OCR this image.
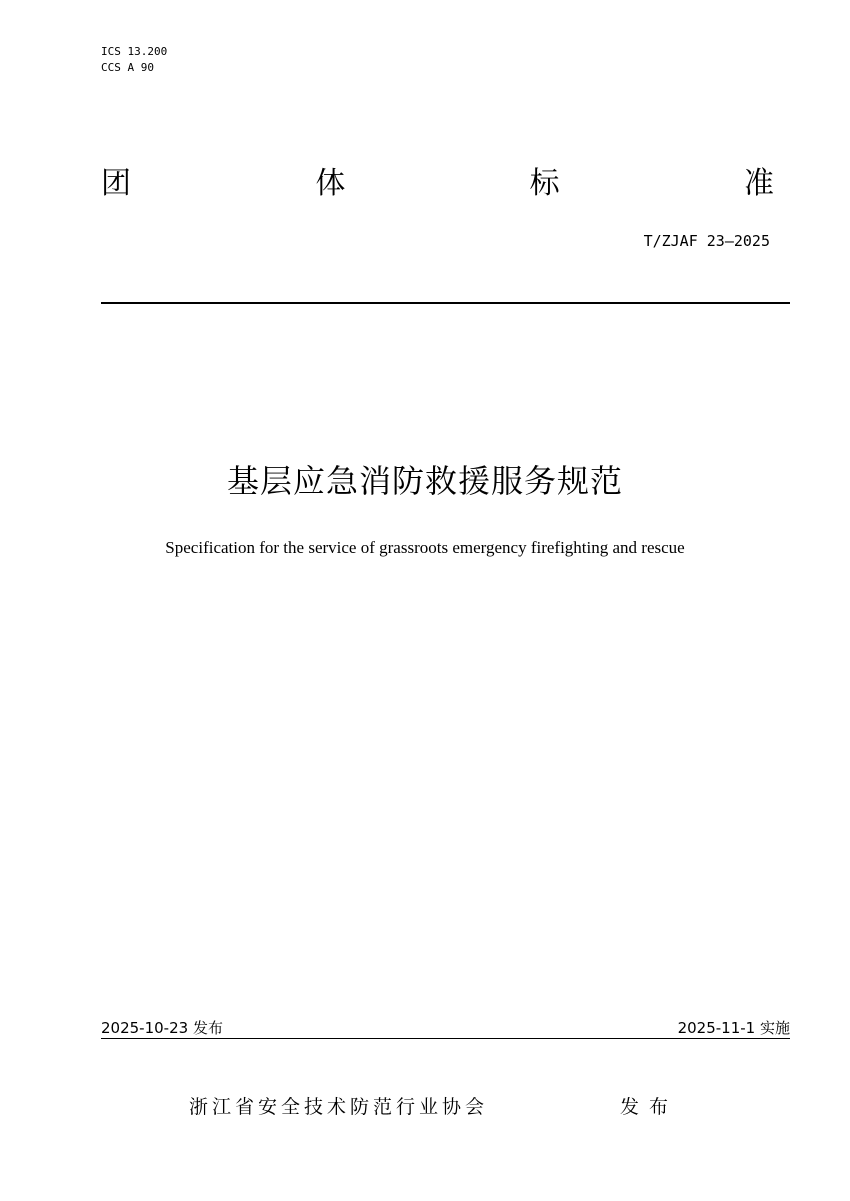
ICS 13.200
CCS A 90
团	体	标	准
T/ZJAF 23—2025
基层应急消防救援服务规范
Specification for the service of grassroots emergency firefighting and rescue
2025-10-23 发布	2025-11-1 实施
浙江省安全技术防范行业协会	发布
